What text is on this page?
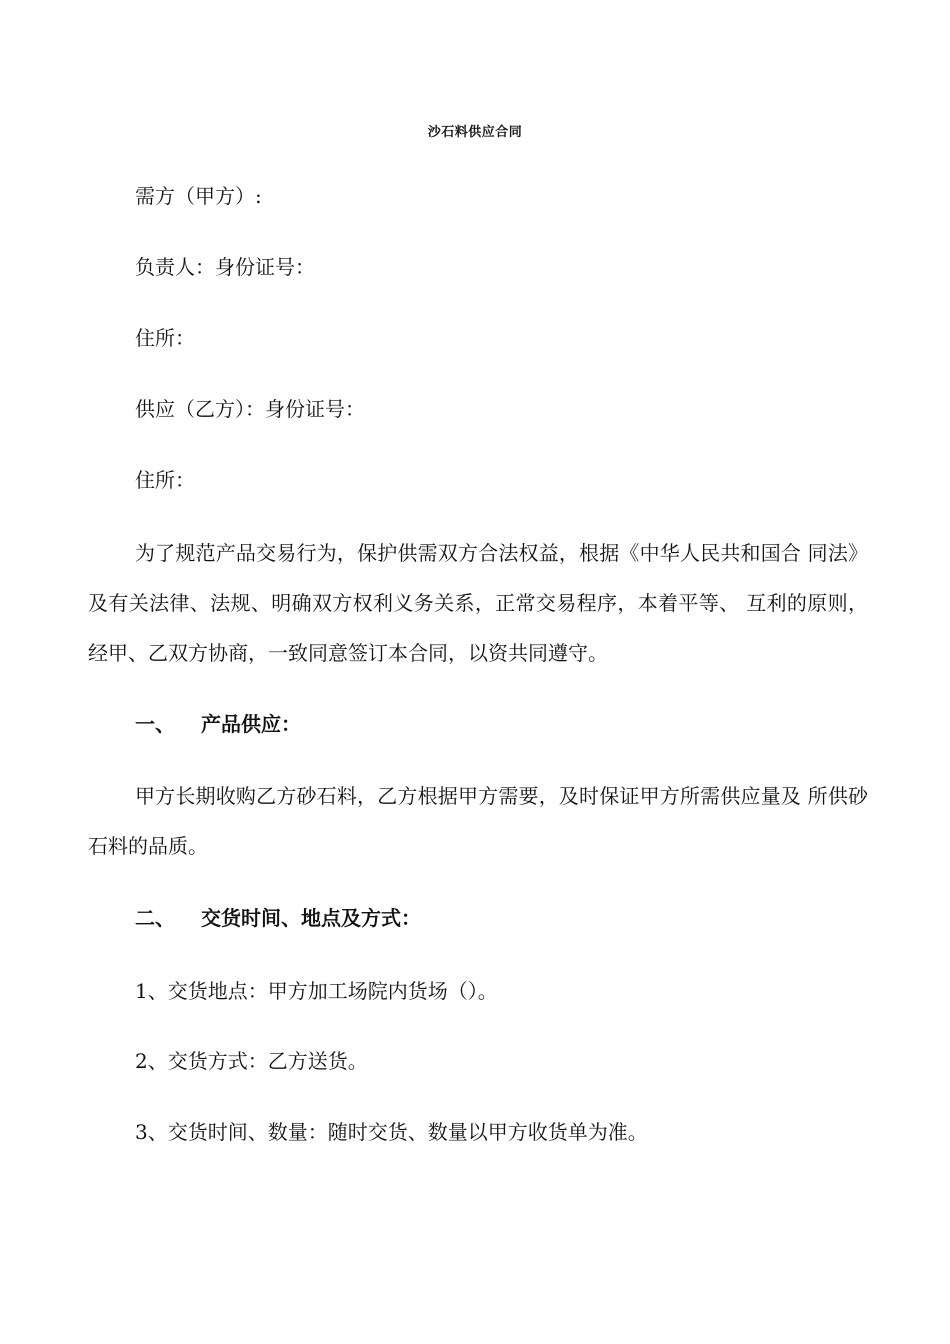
沙石料供应合同
需方（甲方）:
负责人：身份证号：
住所：
供应（乙方）：身份证号：
住所：
为了规范产品交易行为，保护供需双方合法权益，根据《中华人民共和国合 同法》及有关法律、法规、明确双方权利义务关系，正常交易程序，本着平等、 互利的原则，经甲、乙双方协商，一致同意签订本合同，以资共同遵守。
一、 产品供应：
甲方长期收购乙方砂石料，乙方根据甲方需要，及时保证甲方所需供应量及 所供砂石料的品质。
二、 交货时间、地点及方式：
1、交货地点：甲方加工场院内货场（）。
2、交货方式：乙方送货。
3、交货时间、数量：随时交货、数量以甲方收货单为准。
